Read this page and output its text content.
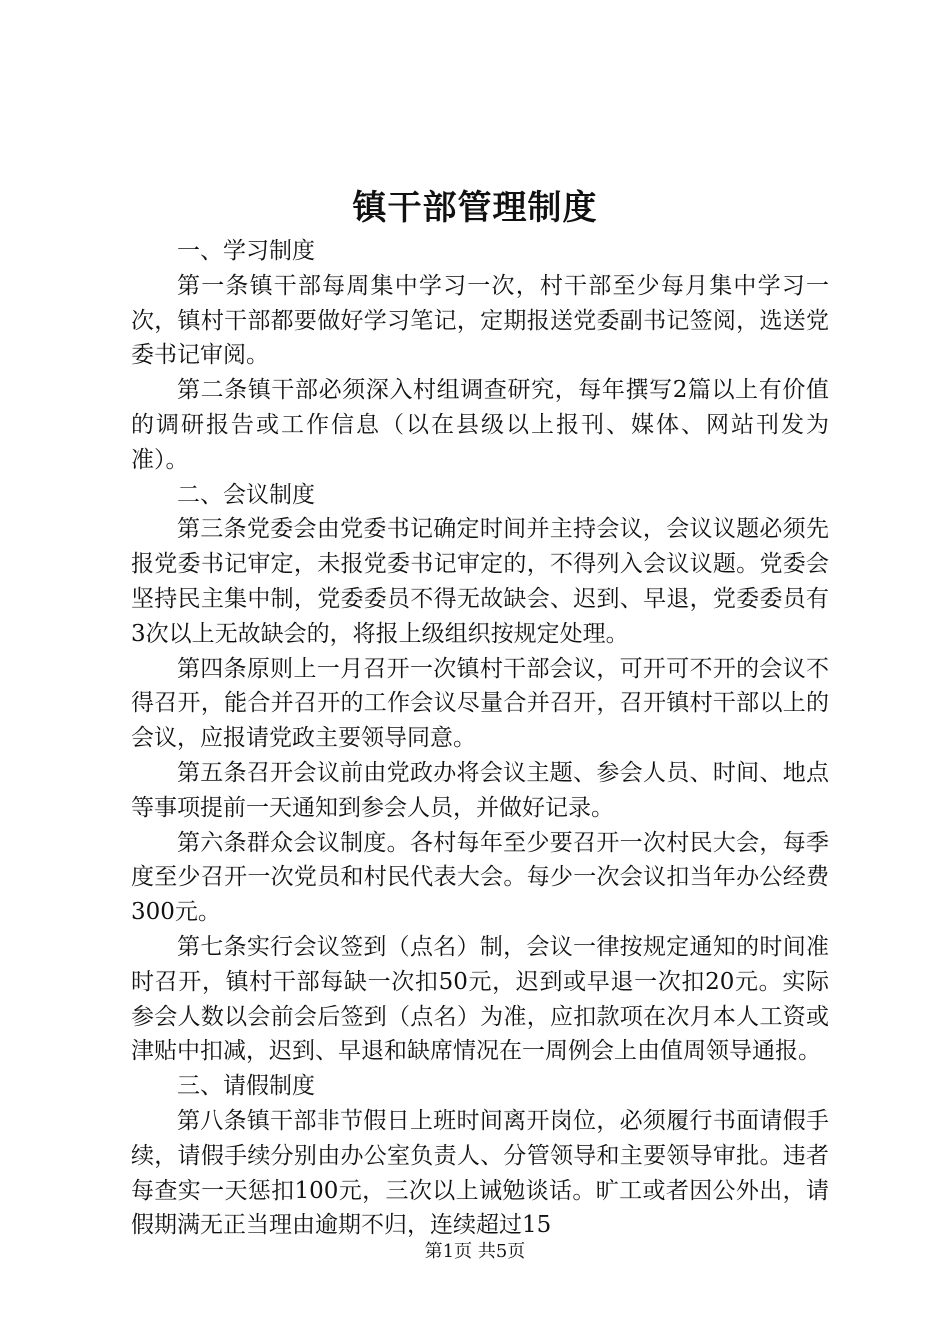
镇干部管理制度

一、学习制度

第一条镇干部每周集中学习一次，村干部至少每月集中学习一次，镇村干部都要做好学习笔记，定期报送党委副书记签阅，选送党委书记审阅。

第二条镇干部必须深入村组调查研究，每年撰写2篇以上有价值的调研报告或工作信息（以在县级以上报刊、媒体、网站刊发为准）。

二、会议制度

第三条党委会由党委书记确定时间并主持会议，会议议题必须先报党委书记审定，未报党委书记审定的，不得列入会议议题。党委会坚持民主集中制，党委委员不得无故缺会、迟到、早退，党委委员有3次以上无故缺会的，将报上级组织按规定处理。

第四条原则上一月召开一次镇村干部会议，可开可不开的会议不得召开，能合并召开的工作会议尽量合并召开，召开镇村干部以上的会议，应报请党政主要领导同意。

第五条召开会议前由党政办将会议主题、参会人员、时间、地点等事项提前一天通知到参会人员，并做好记录。

第六条群众会议制度。各村每年至少要召开一次村民大会，每季度至少召开一次党员和村民代表大会。每少一次会议扣当年办公经费300元。

第七条实行会议签到（点名）制，会议一律按规定通知的时间准时召开，镇村干部每缺一次扣50元，迟到或早退一次扣20元。实际参会人数以会前会后签到（点名）为准，应扣款项在次月本人工资或津贴中扣减，迟到、早退和缺席情况在一周例会上由值周领导通报。

三、请假制度

第八条镇干部非节假日上班时间离开岗位，必须履行书面请假手续，请假手续分别由办公室负责人、分管领导和主要领导审批。违者每查实一天惩扣100元，三次以上诫勉谈话。旷工或者因公外出，请假期满无正当理由逾期不归，连续超过15

第1页 共5页
